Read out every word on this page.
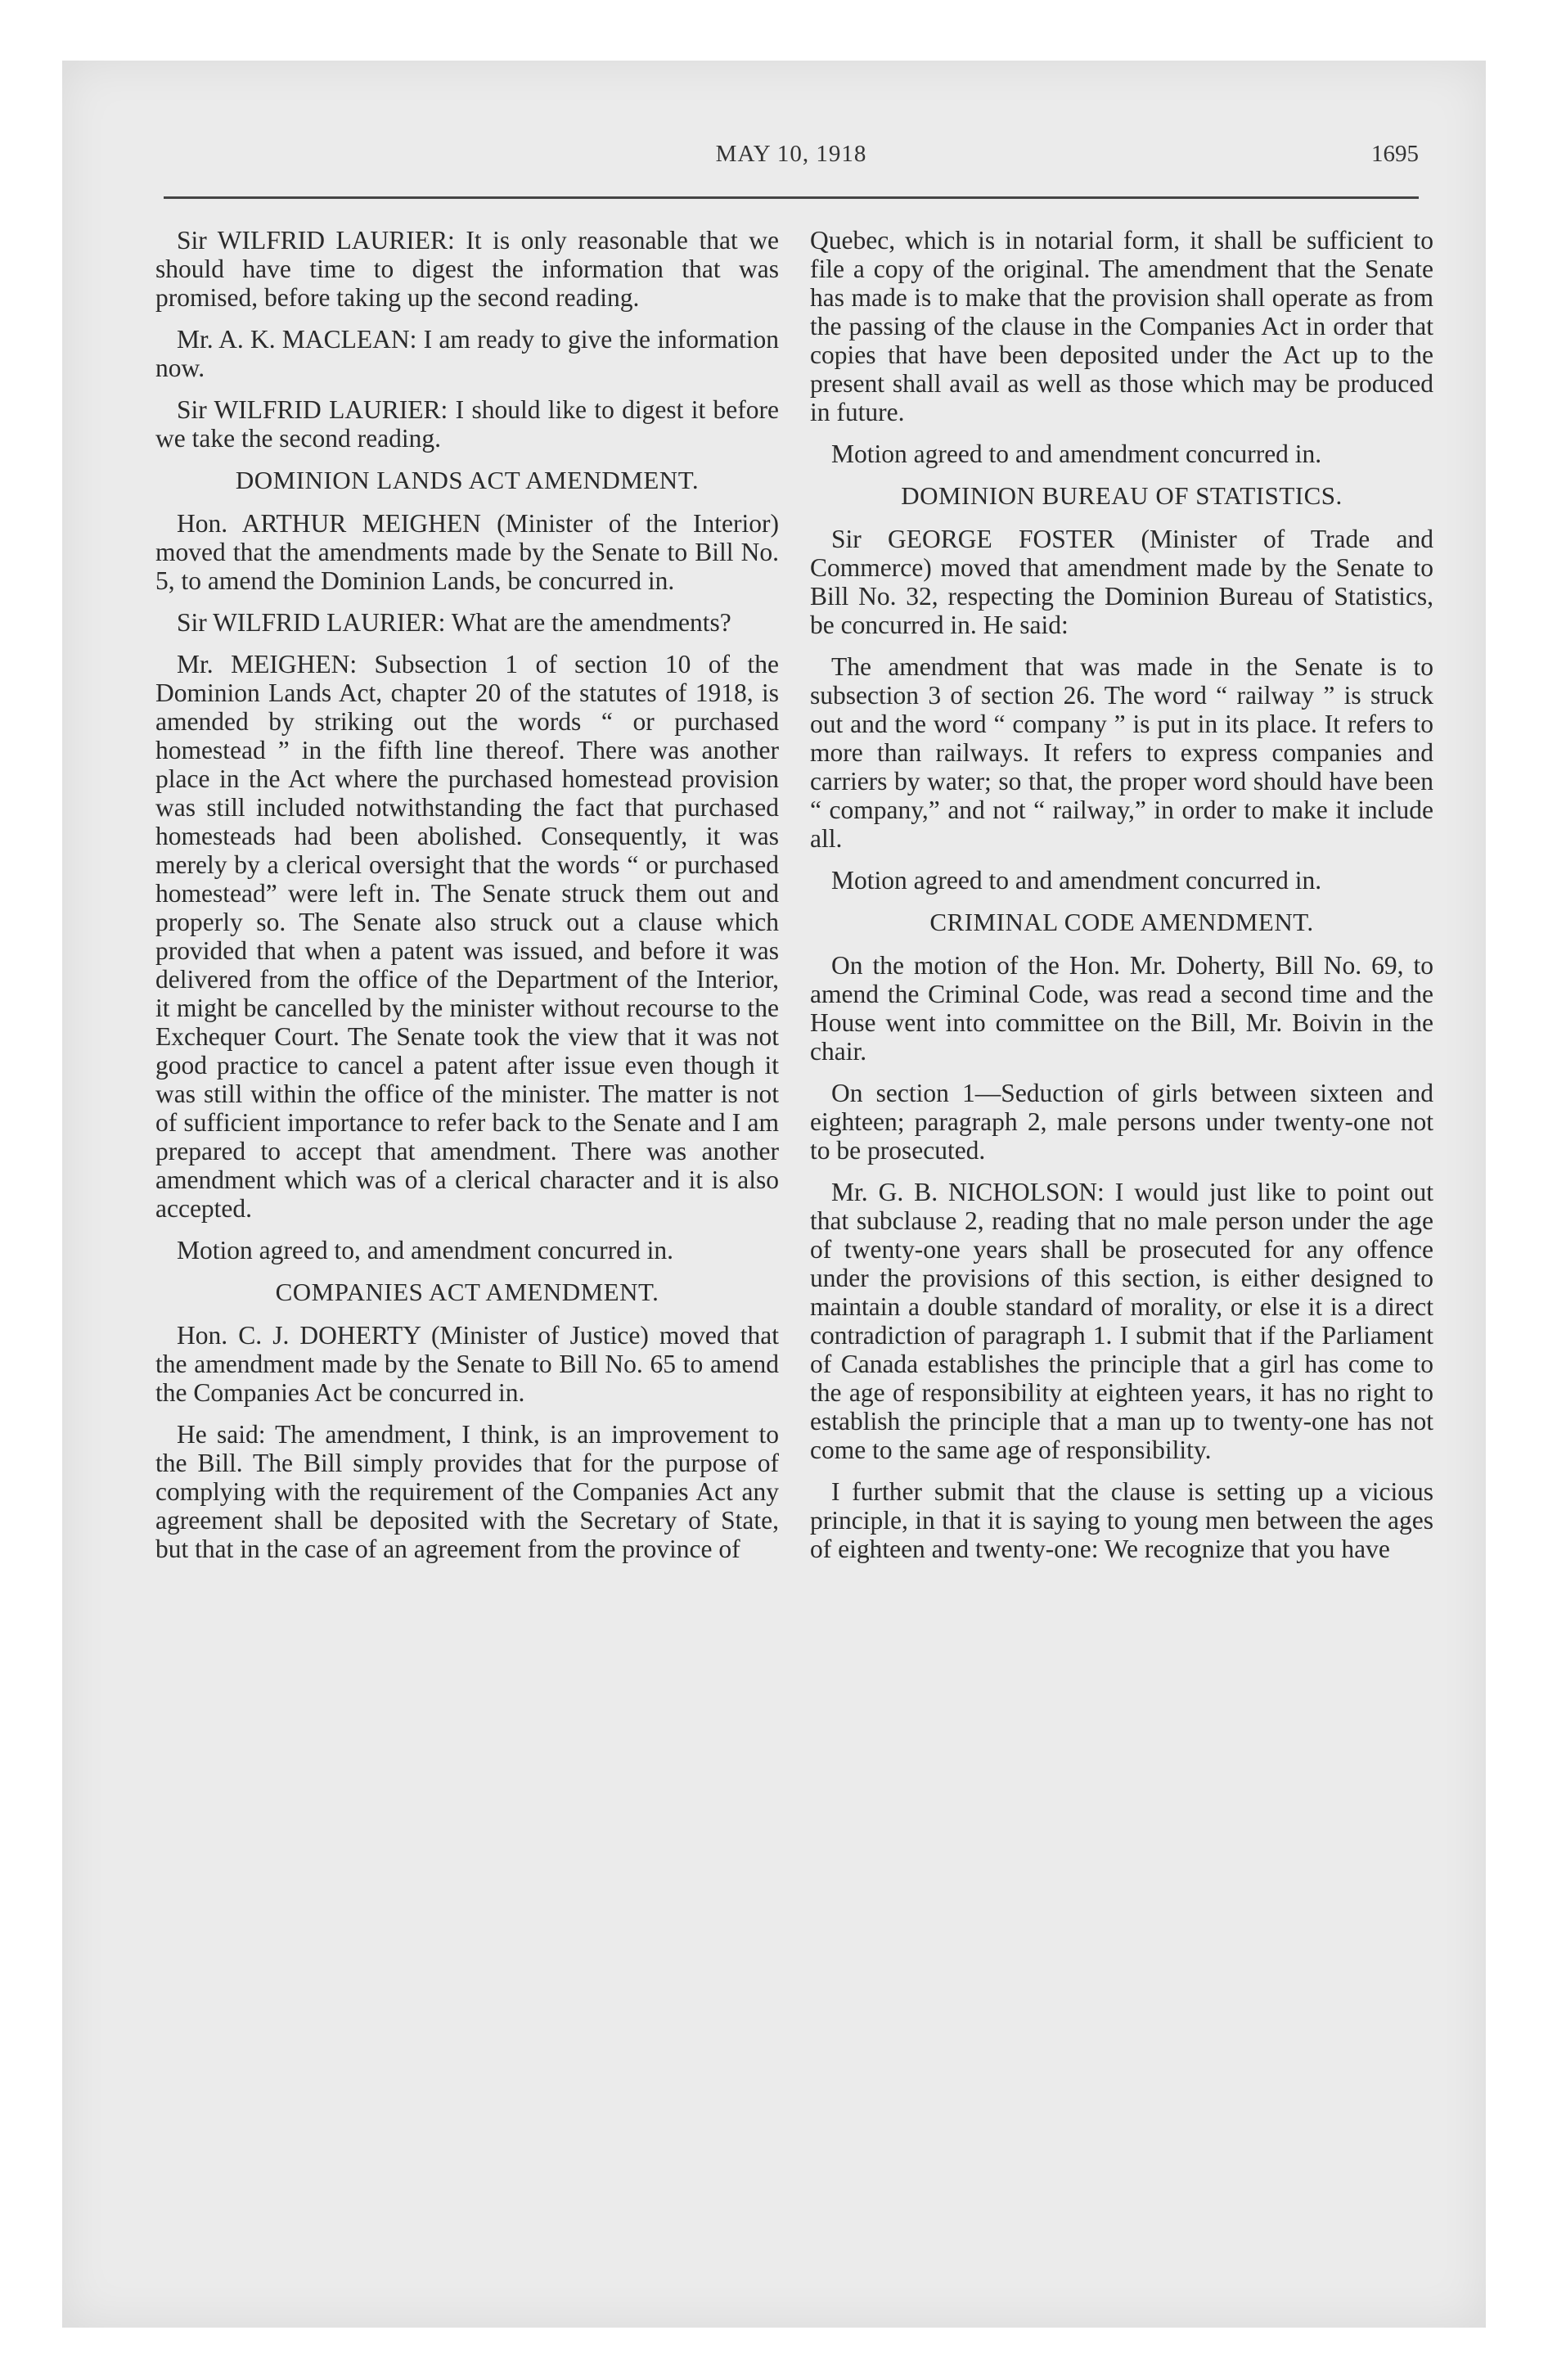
MAY 10, 1918	1695

Sir WILFRID LAURIER: It is only reasonable that we should have time to digest the information that was promised, before taking up the second reading.

Mr. A. K. MACLEAN: I am ready to give the information now.

Sir WILFRID LAURIER: I should like to digest it before we take the second reading.

DOMINION LANDS ACT AMENDMENT.

Hon. ARTHUR MEIGHEN (Minister of the Interior) moved that the amendments made by the Senate to Bill No. 5, to amend the Dominion Lands, be concurred in.

Sir WILFRID LAURIER: What are the amendments?

Mr. MEIGHEN: Subsection 1 of section 10 of the Dominion Lands Act, chapter 20 of the statutes of 1918, is amended by striking out the words “ or purchased homestead ” in the fifth line thereof. There was another place in the Act where the purchased homestead provision was still included notwithstanding the fact that purchased homesteads had been abolished. Consequently, it was merely by a clerical oversight that the words “ or purchased homestead” were left in. The Senate struck them out and properly so. The Senate also struck out a clause which provided that when a patent was issued, and before it was delivered from the office of the Department of the Interior, it might be cancelled by the minister without recourse to the Exchequer Court. The Senate took the view that it was not good practice to cancel a patent after issue even though it was still within the office of the minister. The matter is not of sufficient importance to refer back to the Senate and I am prepared to accept that amendment. There was another amendment which was of a clerical character and it is also accepted.

Motion agreed to, and amendment concurred in.

COMPANIES ACT AMENDMENT.

Hon. C. J. DOHERTY (Minister of Justice) moved that the amendment made by the Senate to Bill No. 65 to amend the Companies Act be concurred in.

He said: The amendment, I think, is an improvement to the Bill. The Bill simply provides that for the purpose of complying with the requirement of the Companies Act any agreement shall be deposited with the Secretary of State, but that in the case of an agreement from the province of

Quebec, which is in notarial form, it shall be sufficient to file a copy of the original. The amendment that the Senate has made is to make that the provision shall operate as from the passing of the clause in the Companies Act in order that copies that have been deposited under the Act up to the present shall avail as well as those which may be produced in future.

Motion agreed to and amendment concurred in.

DOMINION BUREAU OF STATISTICS.

Sir GEORGE FOSTER (Minister of Trade and Commerce) moved that amendment made by the Senate to Bill No. 32, respecting the Dominion Bureau of Statistics, be concurred in. He said:

The amendment that was made in the Senate is to subsection 3 of section 26. The word “ railway ” is struck out and the word “ company ” is put in its place. It refers to more than railways. It refers to express companies and carriers by water; so that, the proper word should have been “ company,” and not “ railway,” in order to make it include all.

Motion agreed to and amendment concurred in.

CRIMINAL CODE AMENDMENT.

On the motion of the Hon. Mr. Doherty, Bill No. 69, to amend the Criminal Code, was read a second time and the House went into committee on the Bill, Mr. Boivin in the chair.

On section 1—Seduction of girls between sixteen and eighteen; paragraph 2, male persons under twenty-one not to be prosecuted.

Mr. G. B. NICHOLSON: I would just like to point out that subclause 2, reading that no male person under the age of twenty-one years shall be prosecuted for any offence under the provisions of this section, is either designed to maintain a double standard of morality, or else it is a direct contradiction of paragraph 1. I submit that if the Parliament of Canada establishes the principle that a girl has come to the age of responsibility at eighteen years, it has no right to establish the principle that a man up to twenty-one has not come to the same age of responsibility.

I further submit that the clause is setting up a vicious principle, in that it is saying to young men between the ages of eighteen and twenty-one: We recognize that you have
